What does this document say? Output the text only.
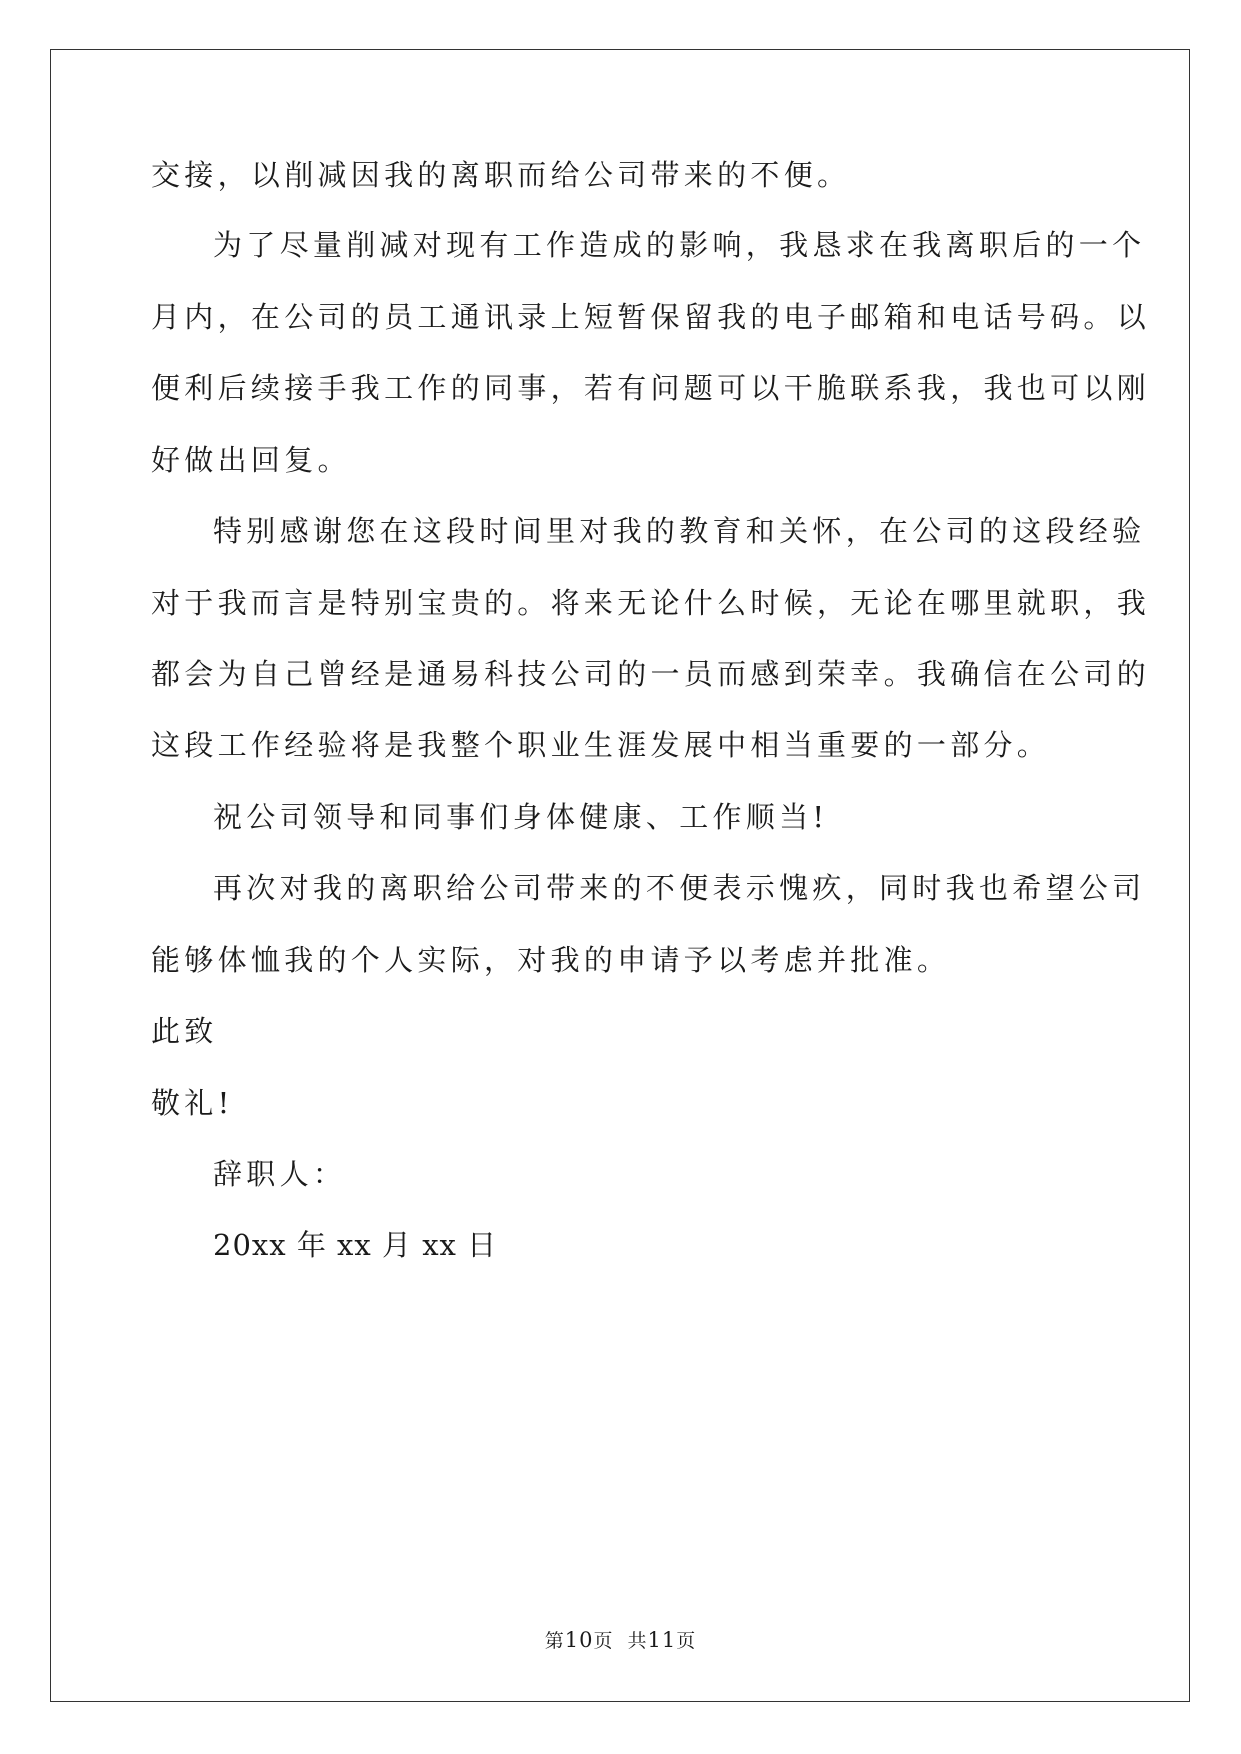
交接，以削减因我的离职而给公司带来的不便。
为了尽量削减对现有工作造成的影响，我恳求在我离职后的一个
月内，在公司的员工通讯录上短暂保留我的电子邮箱和电话号码。以
便利后续接手我工作的同事，若有问题可以干脆联系我，我也可以刚
好做出回复。
特别感谢您在这段时间里对我的教育和关怀，在公司的这段经验
对于我而言是特别宝贵的。将来无论什么时候，无论在哪里就职，我
都会为自己曾经是通易科技公司的一员而感到荣幸。我确信在公司的
这段工作经验将是我整个职业生涯发展中相当重要的一部分。
祝公司领导和同事们身体健康、工作顺当!
再次对我的离职给公司带来的不便表示愧疚，同时我也希望公司
能够体恤我的个人实际，对我的申请予以考虑并批准。
此致
敬礼!
辞职人：
20xx 年 xx 月 xx 日
第10页  共11页
